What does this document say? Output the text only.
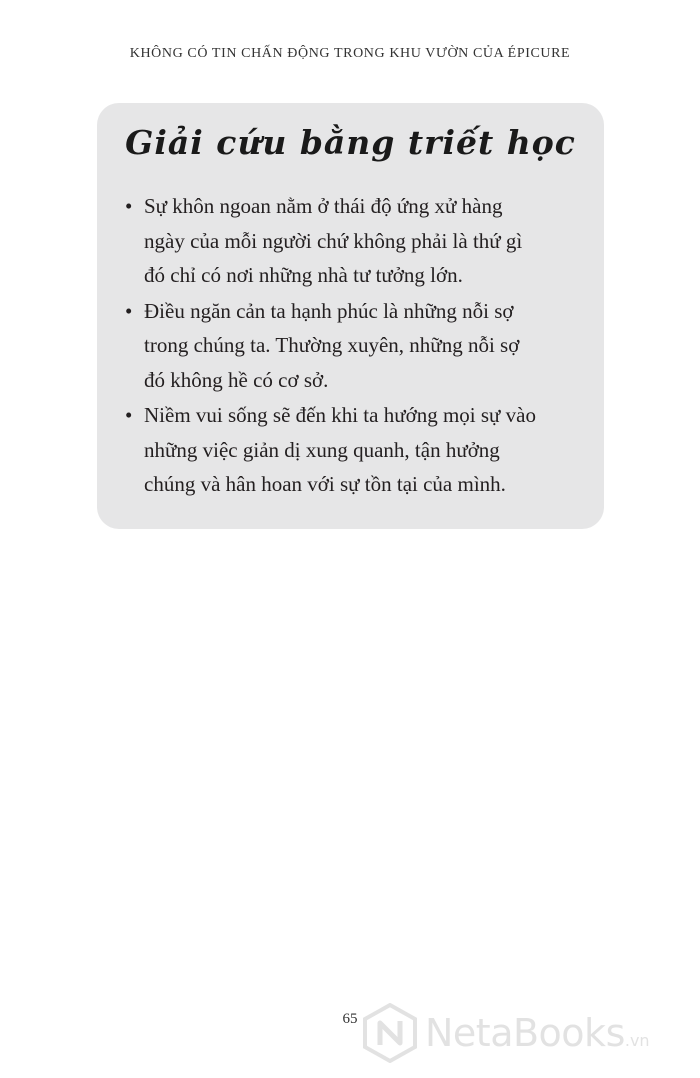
KHÔNG CÓ TIN CHẤN ĐỘNG TRONG KHU VƯỜN CỦA ÉPICURE
Giải cứu bằng triết học
• Sự khôn ngoan nằm ở thái độ ứng xử hàng
ngày của mỗi người chứ không phải là thứ gì
đó chỉ có nơi những nhà tư tưởng lớn.
• Điều ngăn cản ta hạnh phúc là những nỗi sợ
trong chúng ta. Thường xuyên, những nỗi sợ
đó không hề có cơ sở.
• Niềm vui sống sẽ đến khi ta hướng mọi sự vào
những việc giản dị xung quanh, tận hưởng
chúng và hân hoan với sự tồn tại của mình.
65	NetaBooks .vn
